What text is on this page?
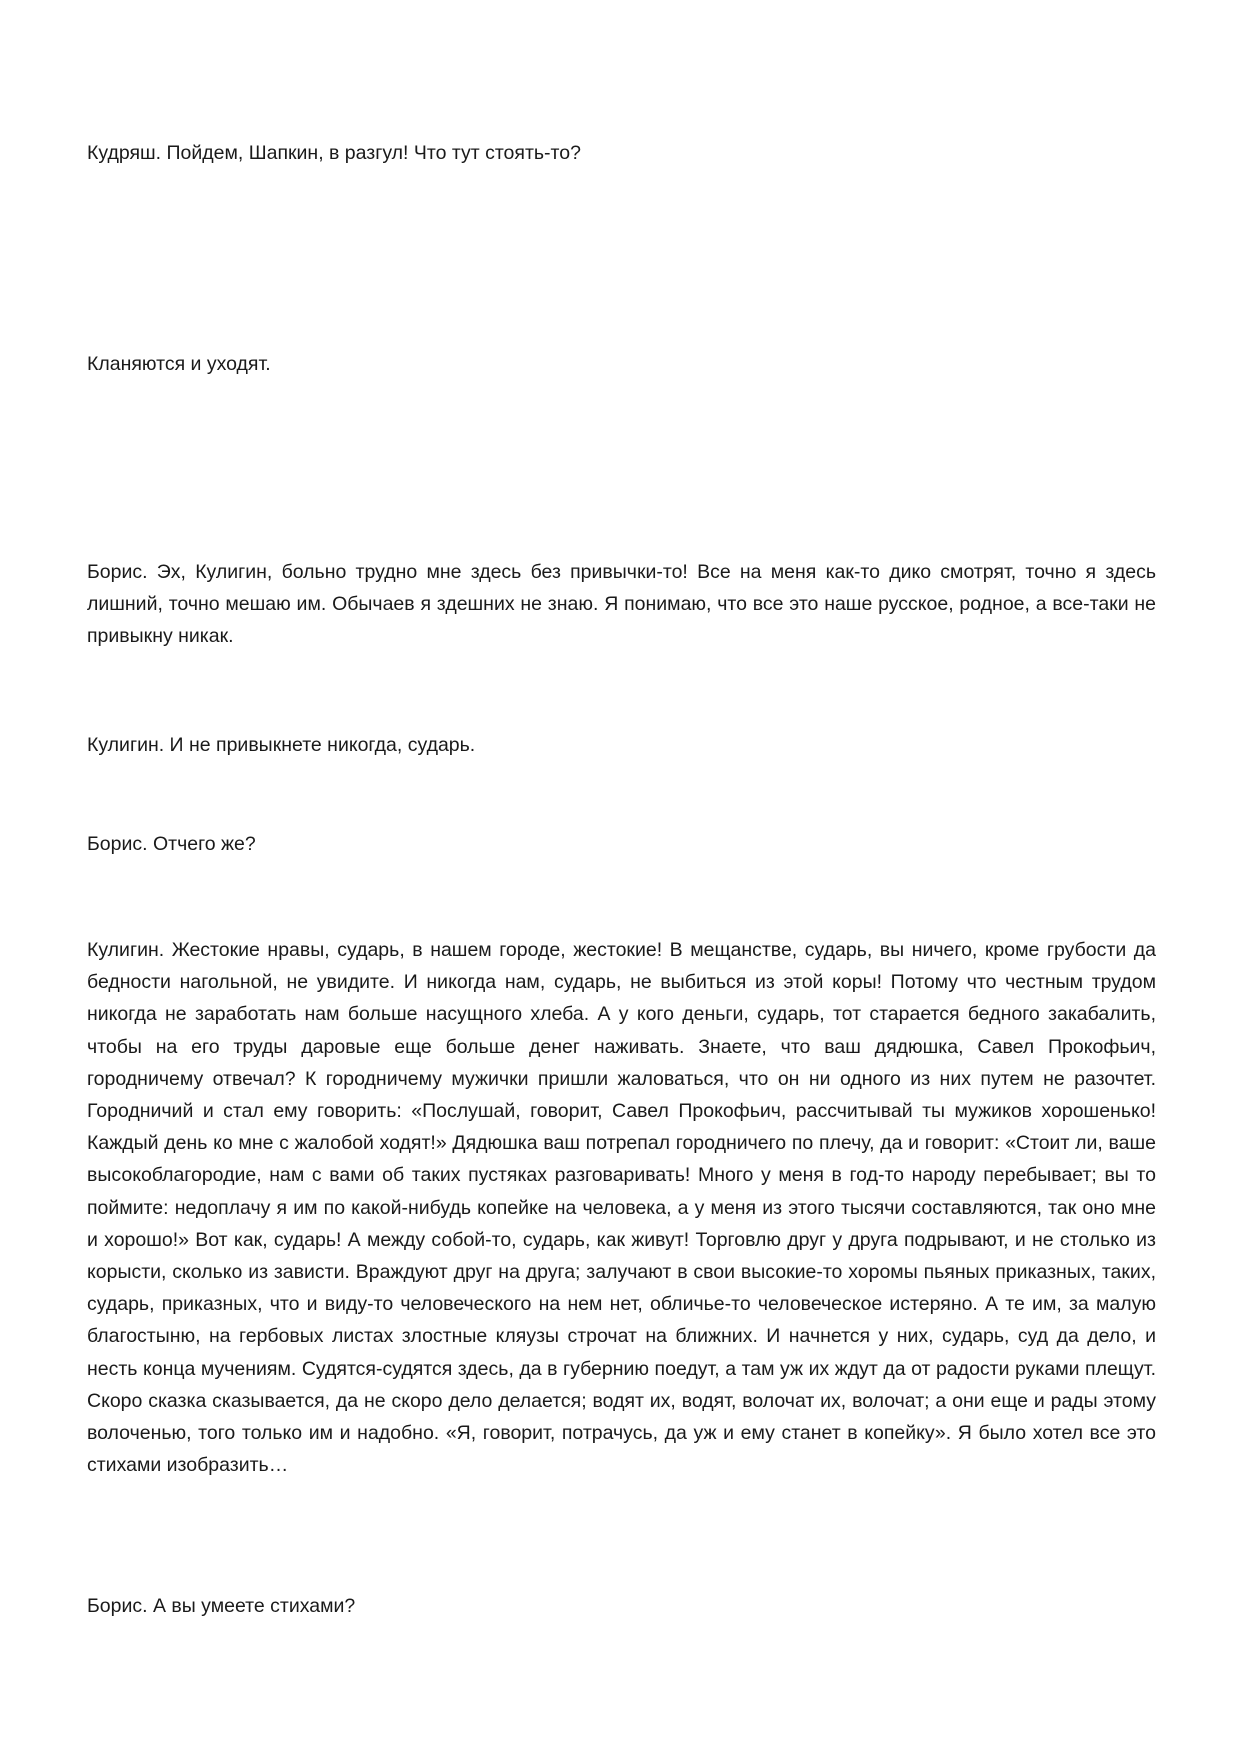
Кудряш. Пойдем, Шапкин, в разгул! Что тут стоять-то?

Кланяются и уходят.

Борис. Эх, Кулигин, больно трудно мне здесь без привычки-то! Все на меня как-то дико смотрят, точно я здесь лишний, точно мешаю им. Обычаев я здешних не знаю. Я понимаю, что все это наше русское, родное, а все-таки не привыкну никак.

Кулигин. И не привыкнете никогда, сударь.

Борис. Отчего же?

Кулигин. Жестокие нравы, сударь, в нашем городе, жестокие! В мещанстве, сударь, вы ничего, кроме грубости да бедности нагольной, не увидите. И никогда нам, сударь, не выбиться из этой коры! Потому что честным трудом никогда не заработать нам больше насущного хлеба. А у кого деньги, сударь, тот старается бедного закабалить, чтобы на его труды даровые еще больше денег наживать. Знаете, что ваш дядюшка, Савел Прокофьич, городничему отвечал? К городничему мужички пришли жаловаться, что он ни одного из них путем не разочтет. Городничий и стал ему говорить: «Послушай, говорит, Савел Прокофьич, рассчитывай ты мужиков хорошенько! Каждый день ко мне с жалобой ходят!» Дядюшка ваш потрепал городничего по плечу, да и говорит: «Стоит ли, ваше высокоблагородие, нам с вами об таких пустяках разговаривать! Много у меня в год-то народу перебывает; вы то поймите: недоплачу я им по какой-нибудь копейке на человека, а у меня из этого тысячи составляются, так оно мне и хорошо!» Вот как, сударь! А между собой-то, сударь, как живут! Торговлю друг у друга подрывают, и не столько из корысти, сколько из зависти. Враждуют друг на друга; залучают в свои высокие-то хоромы пьяных приказных, таких, сударь, приказных, что и виду-то человеческого на нем нет, обличье-то человеческое истеряно. А те им, за малую благостыню, на гербовых листах злостные кляузы строчат на ближних. И начнется у них, сударь, суд да дело, и несть конца мучениям. Судятся-судятся здесь, да в губернию поедут, а там уж их ждут да от радости руками плещут. Скоро сказка сказывается, да не скоро дело делается; водят их, водят, волочат их, волочат; а они еще и рады этому волоченью, того только им и надобно. «Я, говорит, потрачусь, да уж и ему станет в копейку». Я было хотел все это стихами изобразить…

Борис. А вы умеете стихами?
